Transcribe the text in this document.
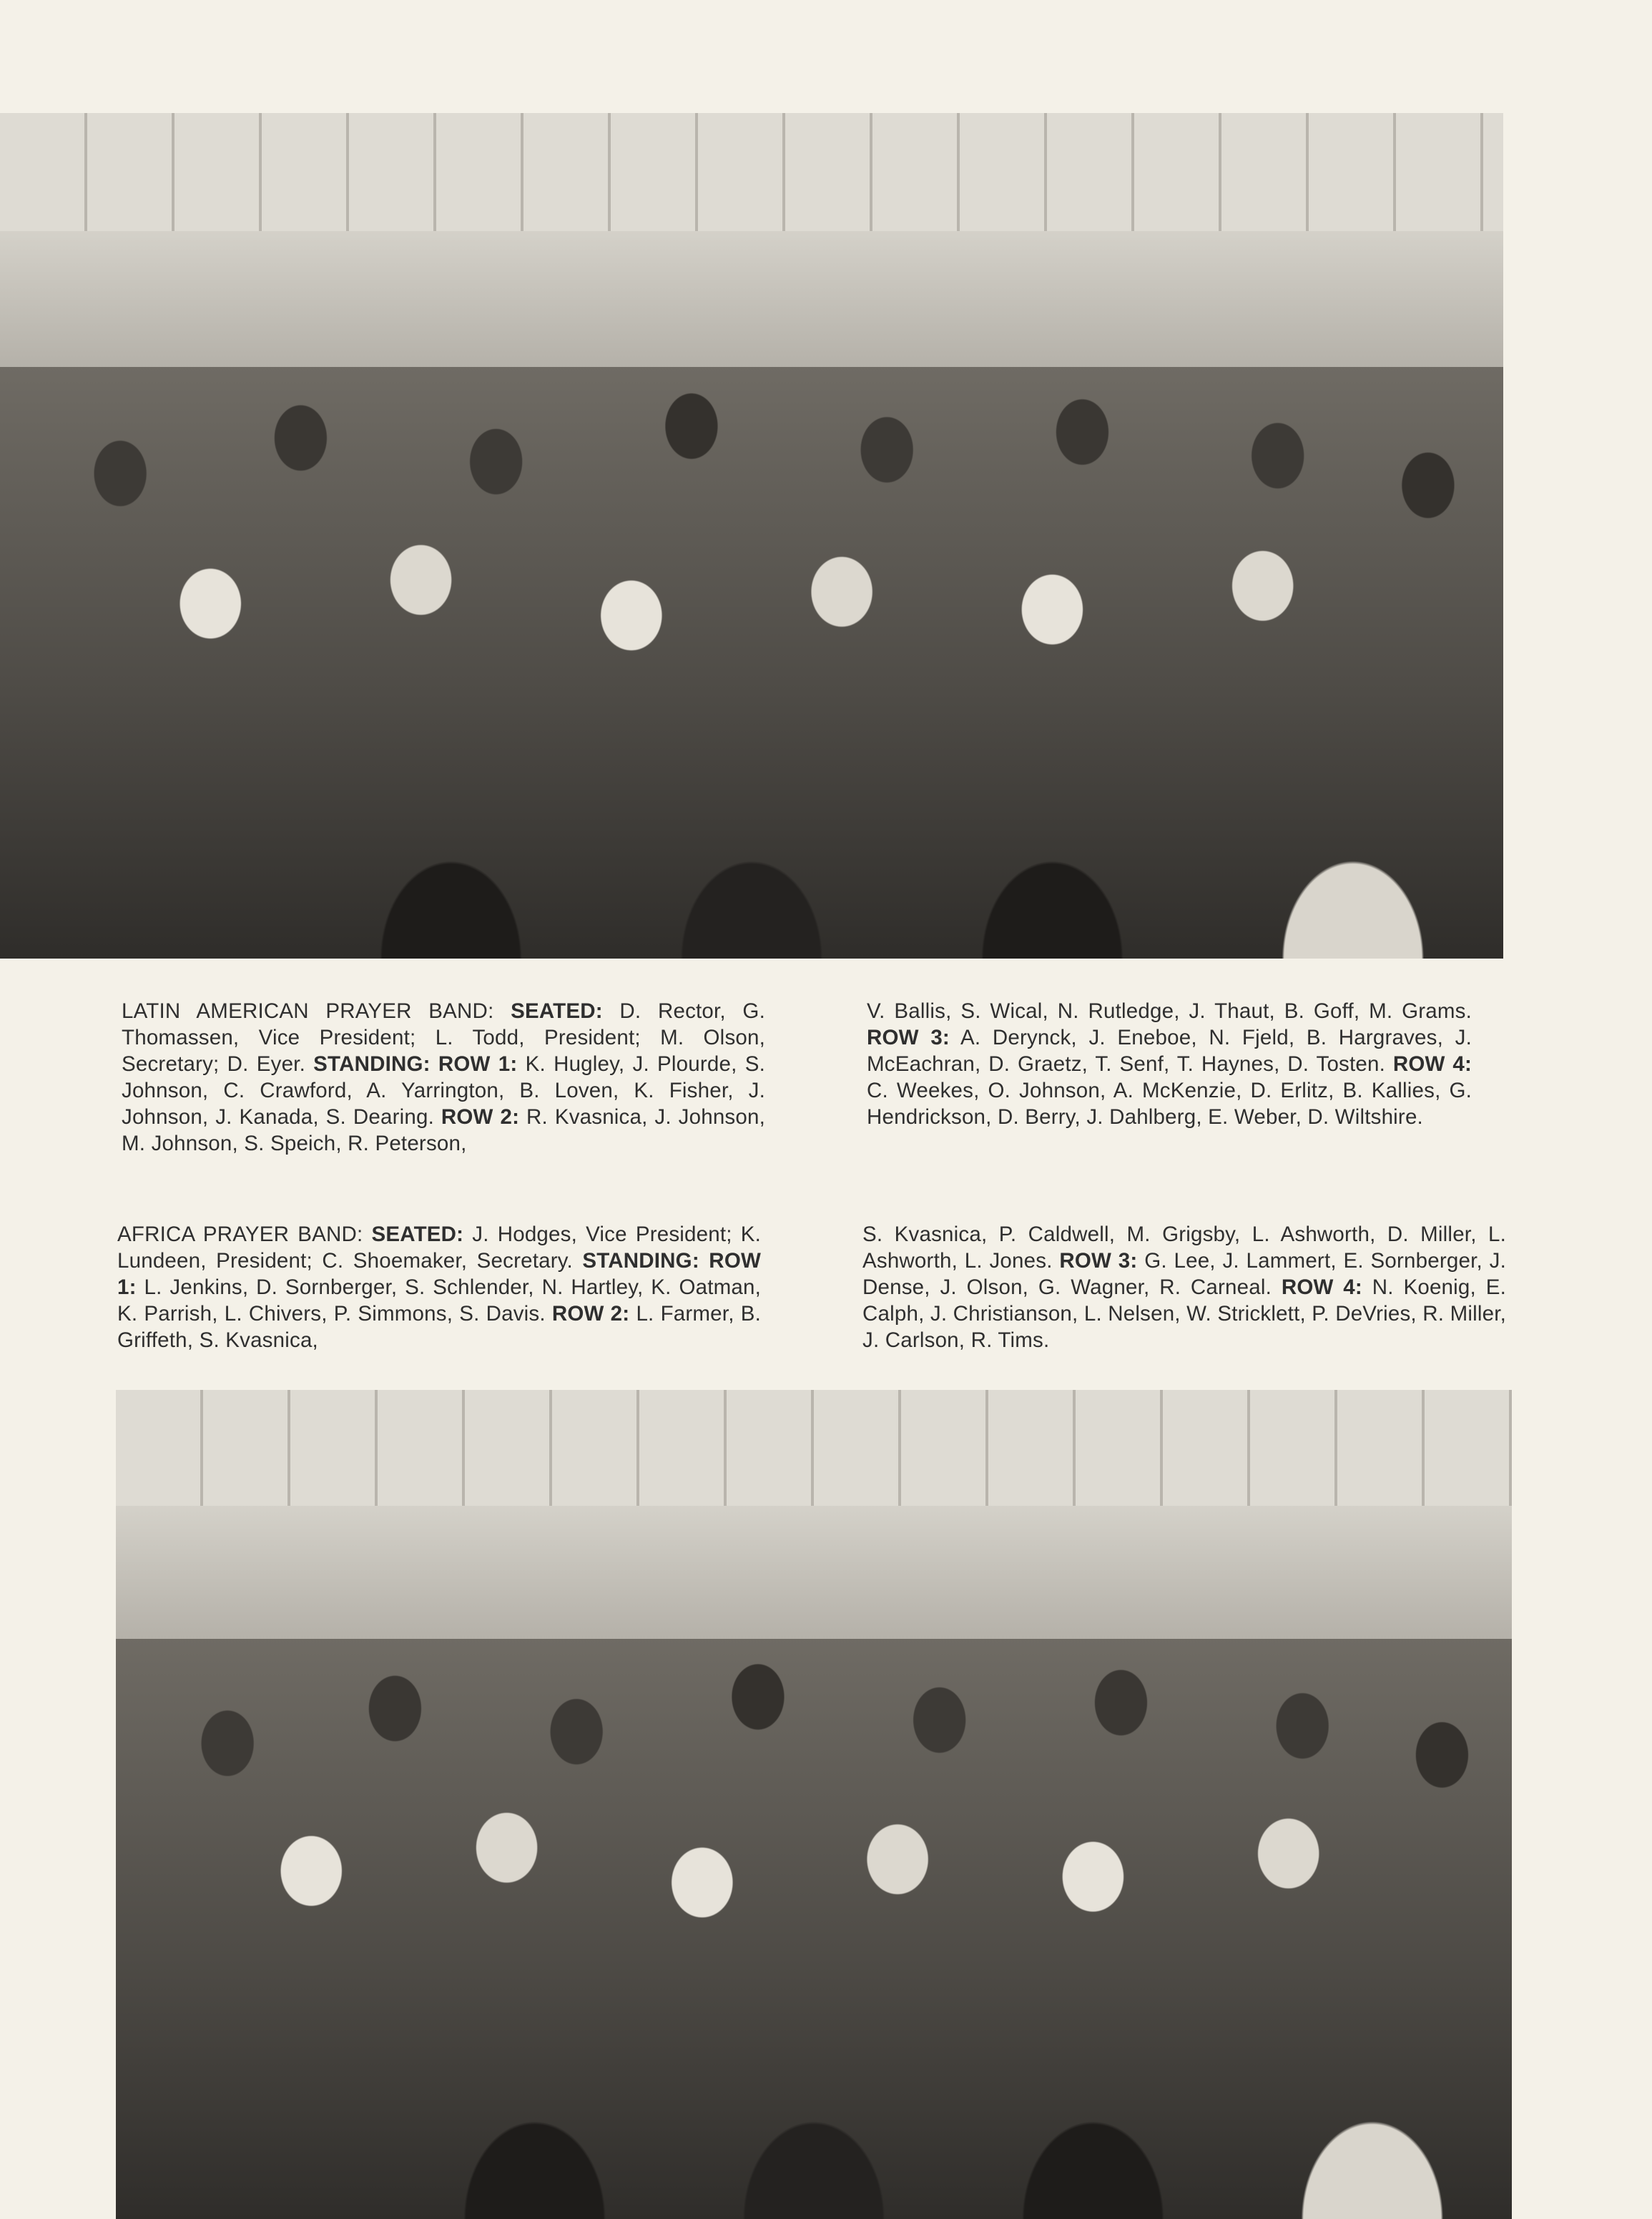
LATIN AMERICAN PRAYER BAND: SEATED: D. Rector, G. Thomassen, Vice President; L. Todd, President; M. Olson, Secretary; D. Eyer. STANDING: ROW 1: K. Hugley, J. Plourde, S. Johnson, C. Crawford, A. Yarrington, B. Loven, K. Fisher, J. Johnson, J. Kanada, S. Dearing. ROW 2: R. Kvasnica, J. Johnson, M. Johnson, S. Speich, R. Peterson,
V. Ballis, S. Wical, N. Rutledge, J. Thaut, B. Goff, M. Grams. ROW 3: A. Derynck, J. Eneboe, N. Fjeld, B. Hargraves, J. McEachran, D. Graetz, T. Senf, T. Haynes, D. Tosten. ROW 4: C. Weekes, O. Johnson, A. McKenzie, D. Erlitz, B. Kallies, G. Hendrickson, D. Berry, J. Dahlberg, E. Weber, D. Wiltshire.
AFRICA PRAYER BAND: SEATED: J. Hodges, Vice President; K. Lundeen, President; C. Shoemaker, Secretary. STANDING: ROW 1: L. Jenkins, D. Sornberger, S. Schlender, N. Hartley, K. Oatman, K. Parrish, L. Chivers, P. Simmons, S. Davis. ROW 2: L. Farmer, B. Griffeth, S. Kvasnica,
S. Kvasnica, P. Caldwell, M. Grigsby, L. Ashworth, D. Miller, L. Ashworth, L. Jones. ROW 3: G. Lee, J. Lammert, E. Sornberger, J. Dense, J. Olson, G. Wagner, R. Carneal. ROW 4: N. Koenig, E. Calph, J. Christianson, L. Nelsen, W. Stricklett, P. DeVries, R. Miller, J. Carlson, R. Tims.
